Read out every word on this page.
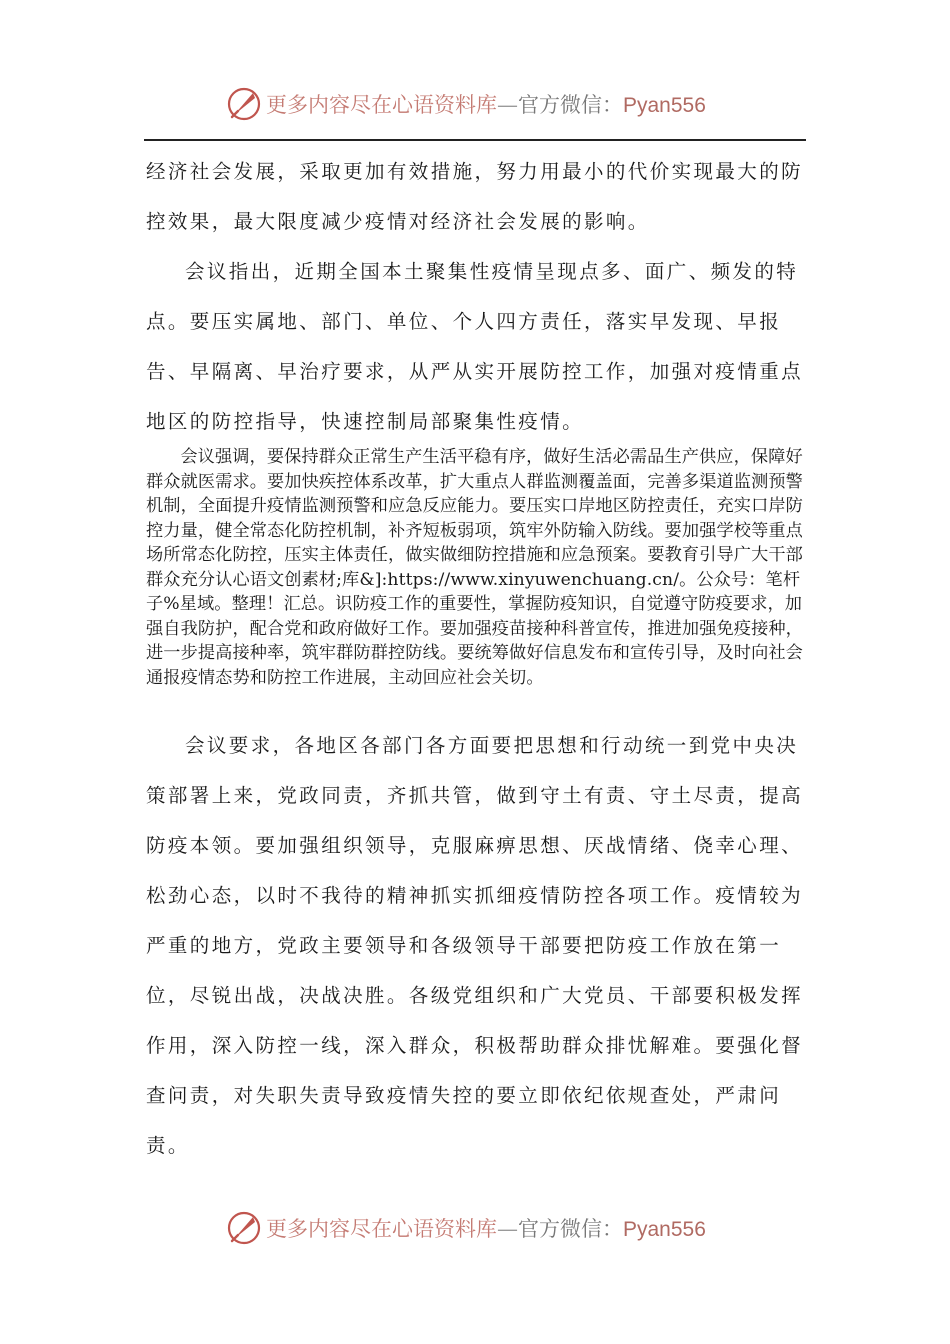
更多内容尽在心语资料库—官方微信：Pyan556

经济社会发展，采取更加有效措施，努力用最小的代价实现最大的防控效果，最大限度减少疫情对经济社会发展的影响。

会议指出，近期全国本土聚集性疫情呈现点多、面广、频发的特点。要压实属地、部门、单位、个人四方责任，落实早发现、早报告、早隔离、早治疗要求，从严从实开展防控工作，加强对疫情重点地区的防控指导，快速控制局部聚集性疫情。

会议强调，要保持群众正常生产生活平稳有序，做好生活必需品生产供应，保障好群众就医需求。要加快疾控体系改革，扩大重点人群监测覆盖面，完善多渠道监测预警机制，全面提升疫情监测预警和应急反应能力。要压实口岸地区防控责任，充实口岸防控力量，健全常态化防控机制，补齐短板弱项，筑牢外防输入防线。要加强学校等重点场所常态化防控，压实主体责任，做实做细防控措施和应急预案。要教育引导广大干部群众充分认心语文创素材;库&]:https://www.xinyuwenchuang.cn/。公众号：笔杆子%星域。整理！汇总。识防疫工作的重要性，掌握防疫知识，自觉遵守防疫要求，加强自我防护，配合党和政府做好工作。要加强疫苗接种科普宣传，推进加强免疫接种，进一步提高接种率，筑牢群防群控防线。要统筹做好信息发布和宣传引导，及时向社会通报疫情态势和防控工作进展，主动回应社会关切。

会议要求，各地区各部门各方面要把思想和行动统一到党中央决策部署上来，党政同责，齐抓共管，做到守土有责、守土尽责，提高防疫本领。要加强组织领导，克服麻痹思想、厌战情绪、侥幸心理、松劲心态，以时不我待的精神抓实抓细疫情防控各项工作。疫情较为严重的地方，党政主要领导和各级领导干部要把防疫工作放在第一位，尽锐出战，决战决胜。各级党组织和广大党员、干部要积极发挥作用，深入防控一线，深入群众，积极帮助群众排忧解难。要强化督查问责，对失职失责导致疫情失控的要立即依纪依规查处，严肃问责。

更多内容尽在心语资料库—官方微信：Pyan556
